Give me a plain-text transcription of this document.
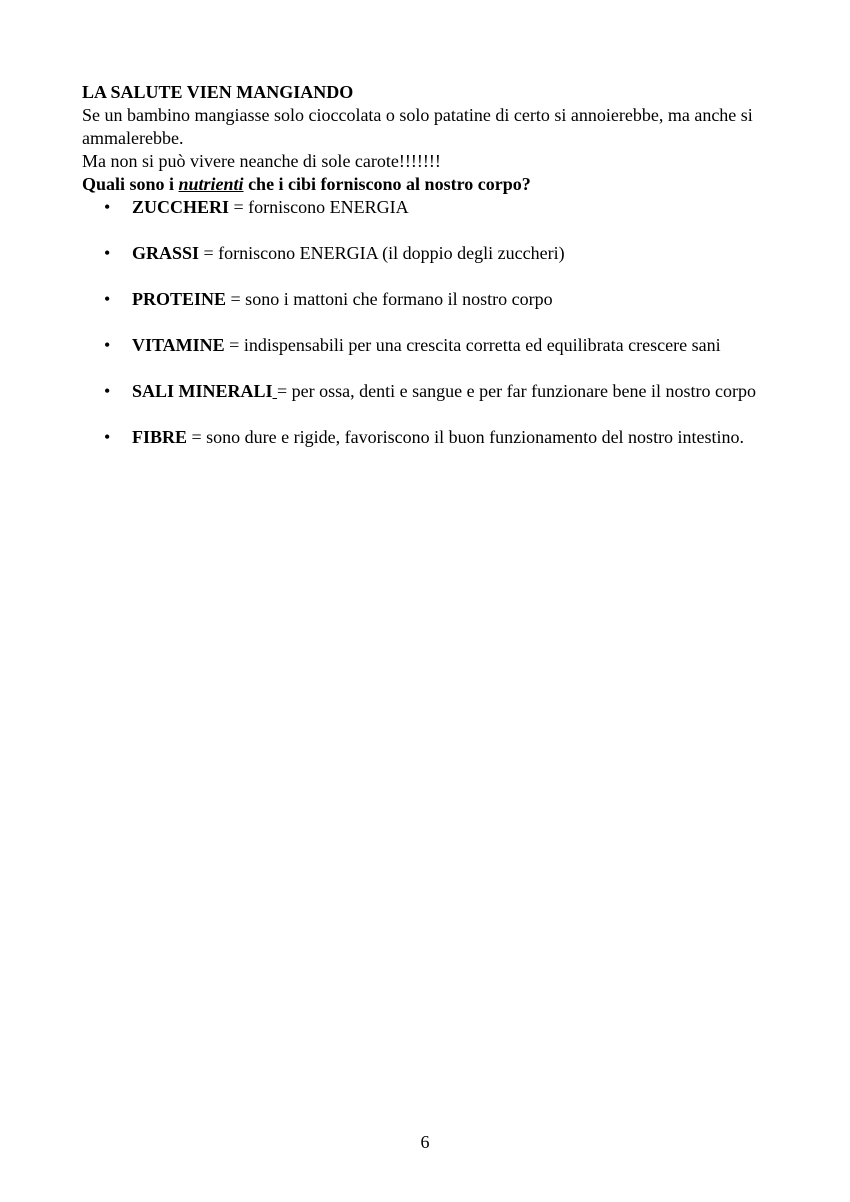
LA SALUTE VIEN MANGIANDO

Se un bambino mangiasse solo cioccolata o solo patatine di certo si annoierebbe, ma anche si ammalerebbe.

Ma non si può vivere neanche di sole carote!!!!!!!

Quali sono i nutrienti che i cibi forniscono al nostro corpo?

• ZUCCHERI = forniscono ENERGIA
• GRASSI = forniscono ENERGIA (il doppio degli zuccheri)
• PROTEINE = sono i mattoni che formano il nostro corpo
• VITAMINE = indispensabili per una crescita corretta ed equilibrata crescere sani
• SALI MINERALI = per ossa, denti e sangue e per far funzionare bene il nostro corpo
• FIBRE = sono dure e rigide, favoriscono il buon funzionamento del nostro intestino.
6
